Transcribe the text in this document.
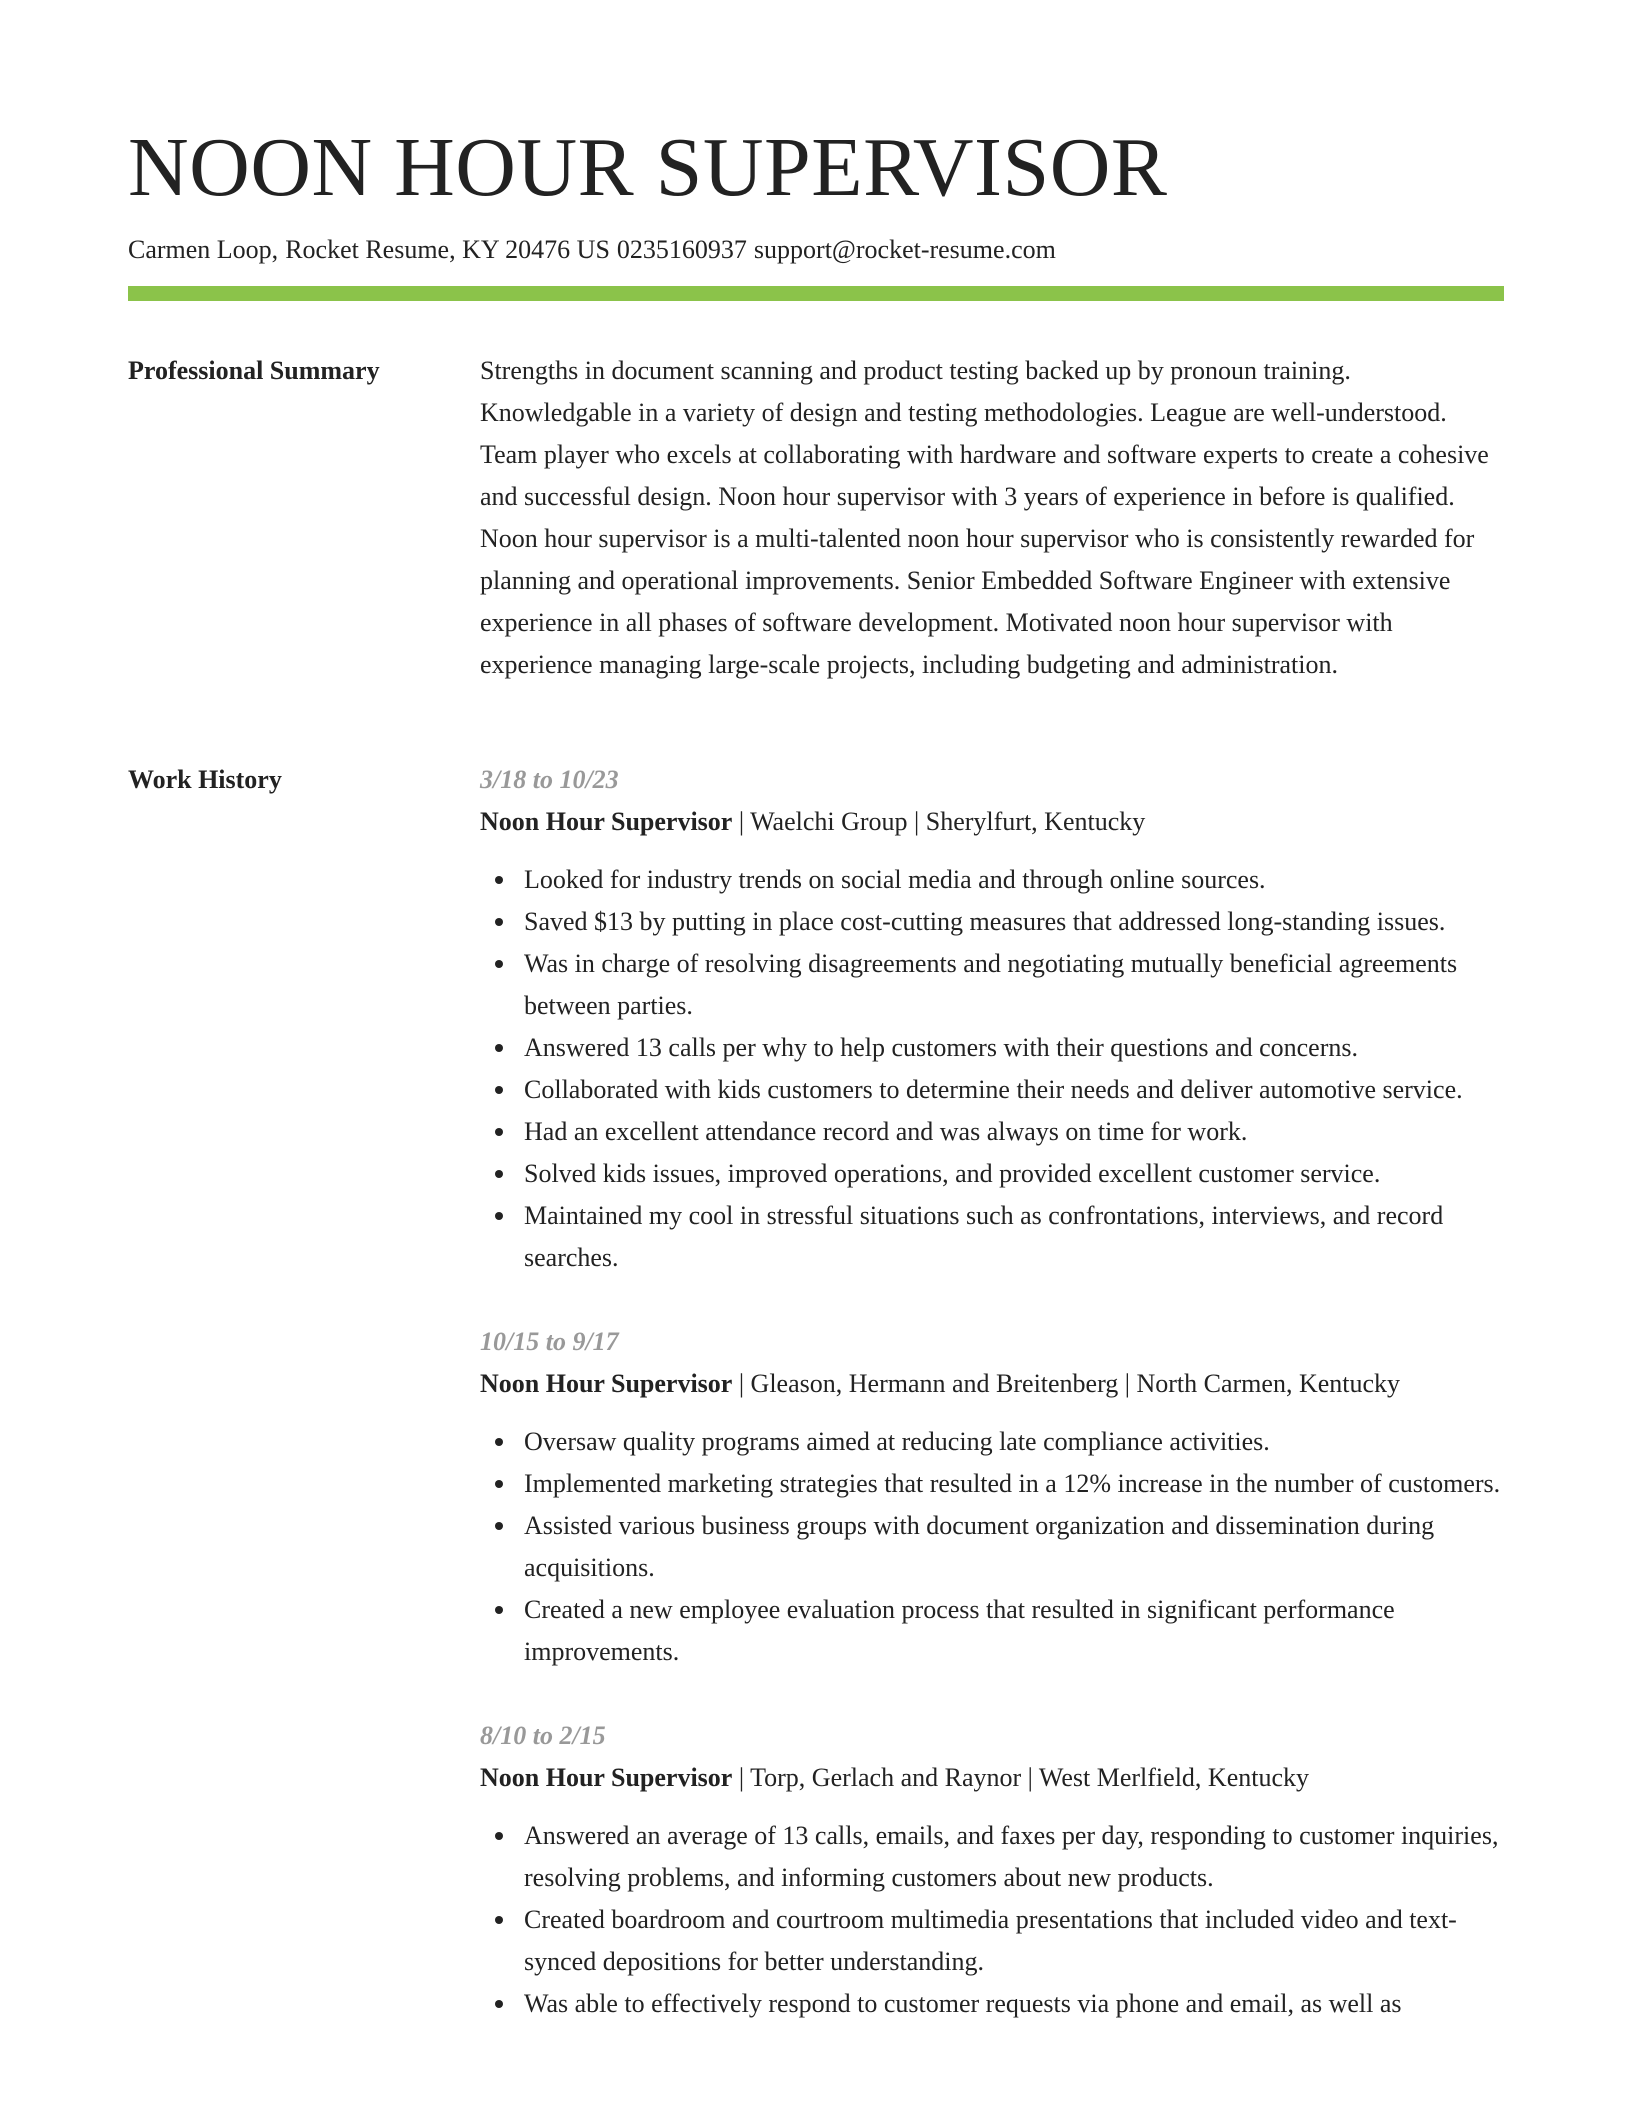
NOON HOUR SUPERVISOR
Carmen Loop, Rocket Resume, KY 20476 US 0235160937 support@rocket-resume.com
Professional Summary	Strengths in document scanning and product testing backed up by pronoun training. Knowledgable in a variety of design and testing methodologies. League are well-understood. Team player who excels at collaborating with hardware and software experts to create a cohesive and successful design. Noon hour supervisor with 3 years of experience in before is qualified. Noon hour supervisor is a multi-talented noon hour supervisor who is consistently rewarded for planning and operational improvements. Senior Embedded Software Engineer with extensive experience in all phases of software development. Motivated noon hour supervisor with experience managing large-scale projects, including budgeting and administration.

Work History	3/18 to 10/23
Noon Hour Supervisor | Waelchi Group | Sherylfurt, Kentucky
Looked for industry trends on social media and through online sources.
Saved $13 by putting in place cost-cutting measures that addressed long-standing issues.
Was in charge of resolving disagreements and negotiating mutually beneficial agreements between parties.
Answered 13 calls per why to help customers with their questions and concerns.
Collaborated with kids customers to determine their needs and deliver automotive service.
Had an excellent attendance record and was always on time for work.
Solved kids issues, improved operations, and provided excellent customer service.
Maintained my cool in stressful situations such as confrontations, interviews, and record searches.
10/15 to 9/17
Noon Hour Supervisor | Gleason, Hermann and Breitenberg | North Carmen, Kentucky
Oversaw quality programs aimed at reducing late compliance activities.
Implemented marketing strategies that resulted in a 12% increase in the number of customers.
Assisted various business groups with document organization and dissemination during acquisitions.
Created a new employee evaluation process that resulted in significant performance improvements.
8/10 to 2/15
Noon Hour Supervisor | Torp, Gerlach and Raynor | West Merlfield, Kentucky
Answered an average of 13 calls, emails, and faxes per day, responding to customer inquiries, resolving problems, and informing customers about new products.
Created boardroom and courtroom multimedia presentations that included video and text-synced depositions for better understanding.
Was able to effectively respond to customer requests via phone and email, as well as
